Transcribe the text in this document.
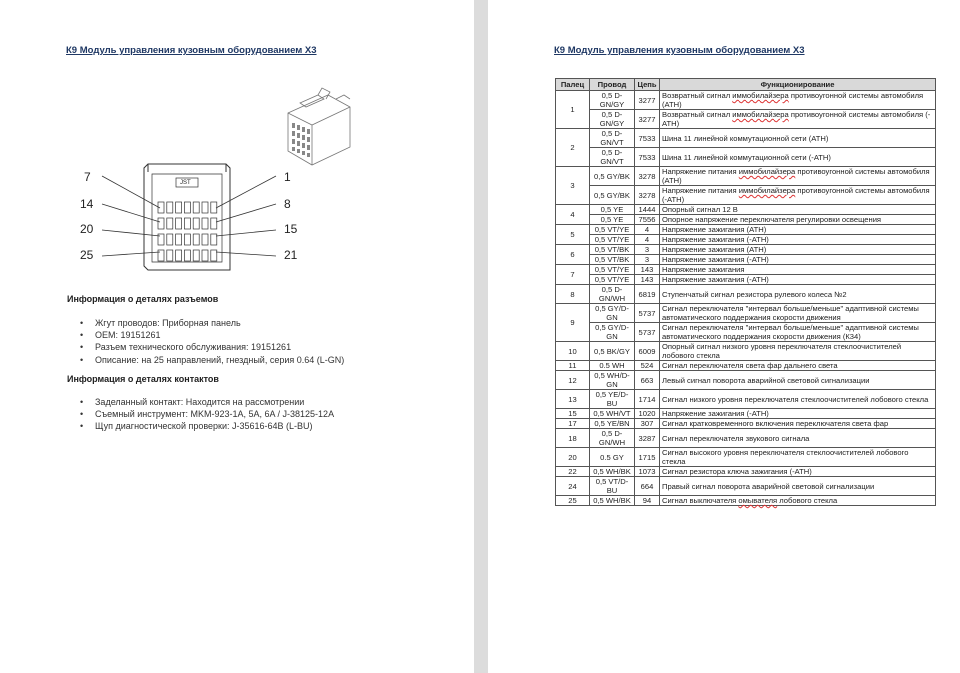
К9 Модуль управления кузовным оборудованием Х3
7
14
20
25
1
8
15
21
JST
Информация о деталях разъемов
• Жгут проводов: Приборная панель
• OEM: 19151261
• Разъем технического обслуживания: 19151261
• Описание: на 25 направлений, гнездный, серия 0.64 (L-GN)
Информация о деталях контактов
• Заделанный контакт: Находится на рассмотрении
• Съемный инструмент: MKM-923-1A, 5A, 6A / J-38125-12A
• Щуп диагностической проверки: J-35616-64B (L-BU)
К9 Модуль управления кузовным оборудованием Х3
Палец	Провод	Цепь	Функционирование
1	0,5 D-GN/GY	3277	Возвратный сигнал иммобилайзера противоугонной системы автомобиля (АТН)
	0,5 D-GN/GY	3277	Возвратный сигнал иммобилайзера противоугонной системы автомобиля (-АТН)
2	0,5 D-GN/VT	7533	Шина 11 линейной коммутационной сети (АТН)
	0,5 D-GN/VT	7533	Шина 11 линейной коммутационной сети (-АТН)
3	0,5 GY/BK	3278	Напряжение питания иммобилайзера противоугонной системы автомобиля (АТН)
	0,5 GY/BK	3278	Напряжение питания иммобилайзера противоугонной системы автомобиля (-АТН)
4	0,5 YE	1444	Опорный сигнал 12 В
	0,5 YE	7556	Опорное напряжение переключателя регулировки освещения
5	0,5 VT/YE	4	Напряжение зажигания (АТН)
	0,5 VT/YE	4	Напряжение зажигания (-АТН)
6	0,5 VT/BK	3	Напряжение зажигания (АТН)
	0,5 VT/BK	3	Напряжение зажигания (-АТН)
7	0,5 VT/YE	143	Напряжение зажигания
	0,5 VT/YE	143	Напряжение зажигания (-АТН)
8	0,5 D-GN/WH	6819	Ступенчатый сигнал резистора рулевого колеса №2
9	0,5 GY/D-GN	5737	Сигнал переключателя "интервал больше/меньше" адаптивной системы автоматического поддержания скорости движения
	0,5 GY/D-GN	5737	Сигнал переключателя "интервал больше/меньше" адаптивной системы автоматического поддержания скорости движения (К34)
10	0,5 BK/GY	6009	Опорный сигнал низкого уровня переключателя стеклоочистителей лобового стекла
11	0.5 WH	524	Сигнал переключателя света фар дальнего света
12	0,5 WH/D-GN	663	Левый сигнал поворота аварийной световой сигнализации
13	0,5 YE/D-BU	1714	Сигнал низкого уровня переключателя стеклоочистителей лобового стекла
15	0,5 WH/VT	1020	Напряжение зажигания (-АТН)
17	0,5 YE/BN	307	Сигнал кратковременного включения переключателя света фар
18	0,5 D-GN/WH	3287	Сигнал переключателя звукового сигнала
20	0.5 GY	1715	Сигнал высокого уровня переключателя стеклоочистителей лобового стекла
22	0,5 WH/BK	1073	Сигнал резистора ключа зажигания (-АТН)
24	0,5 VT/D-BU	664	Правый сигнал поворота аварийной световой сигнализации
25	0,5 WH/BK	94	Сигнал выключателя омывателя лобового стекла
